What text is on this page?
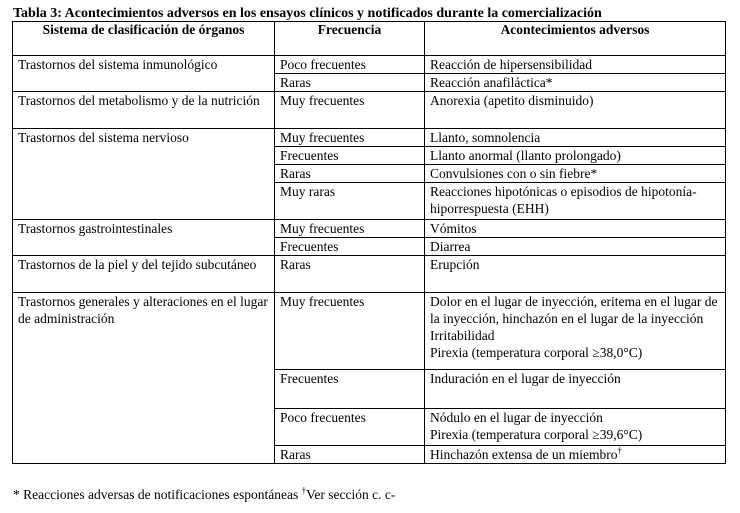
Tabla 3: Acontecimientos adversos en los ensayos clínicos y notificados durante la comercialización
Sistema de clasificación de órganos	Frecuencia	Acontecimientos adversos
Trastornos del sistema inmunológico	Poco frecuentes	Reacción de hipersensibilidad
	Raras	Reacción anafiláctica*
Trastornos del metabolismo y de la nutrición	Muy frecuentes	Anorexia (apetito disminuido)
Trastornos del sistema nervioso	Muy frecuentes	Llanto, somnolencia
	Frecuentes	Llanto anormal (llanto prolongado)
	Raras	Convulsiones con o sin fiebre*
	Muy raras	Reacciones hipotónicas o episodios de hipotonía-hiporrespuesta (EHH)
Trastornos gastrointestinales	Muy frecuentes	Vómitos
	Frecuentes	Diarrea
Trastornos de la piel y del tejido subcutáneo	Raras	Erupción
Trastornos generales y alteraciones en el lugar de administración	Muy frecuentes	Dolor en el lugar de inyección, eritema en el lugar de la inyección, hinchazón en el lugar de la inyección
Irritabilidad
Pirexia (temperatura corporal ≥38,0°C)

	Frecuentes	Induración en el lugar de inyección
	Poco frecuentes	Nódulo en el lugar de inyección
Pirexia (temperatura corporal ≥39,6°C)

	Raras	Hinchazón extensa de un miembro†
* Reacciones adversas de notificaciones espontáneas †Ver sección c. c-
